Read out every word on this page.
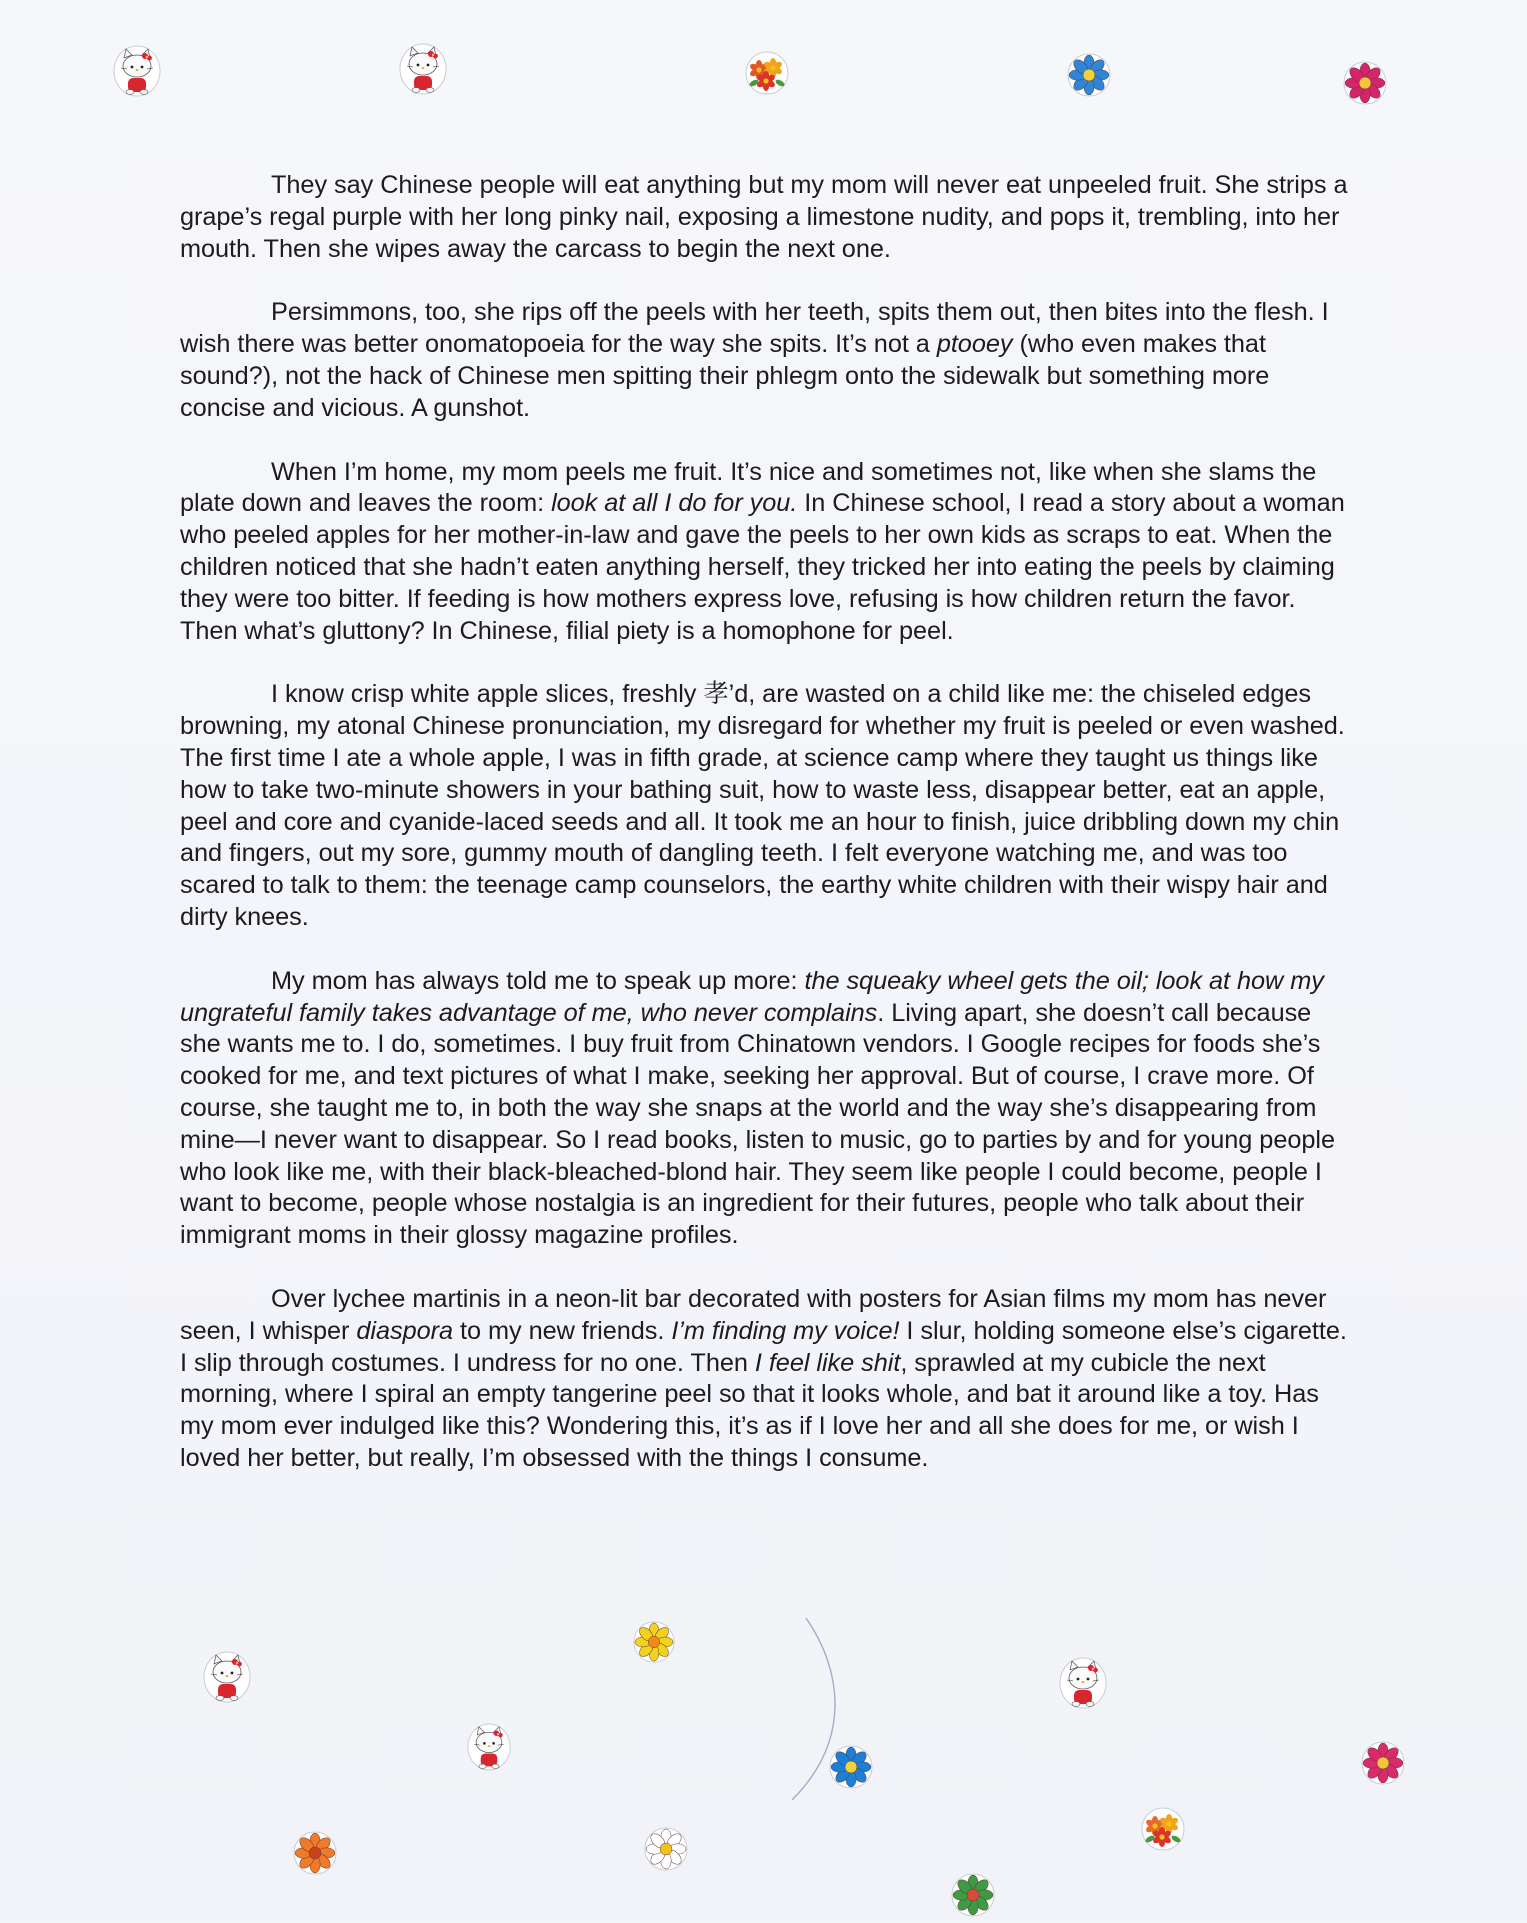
They say Chinese people will eat anything but my mom will never eat unpeeled fruit. She strips a grape’s regal purple with her long pinky nail, exposing a limestone nudity, and pops it, trembling, into her mouth. Then she wipes away the carcass to begin the next one.

Persimmons, too, she rips off the peels with her teeth, spits them out, then bites into the flesh. I wish there was better onomatopoeia for the way she spits. It’s not a ptooey (who even makes that sound?), not the hack of Chinese men spitting their phlegm onto the sidewalk but something more concise and vicious. A gunshot.

When I’m home, my mom peels me fruit. It’s nice and sometimes not, like when she slams the plate down and leaves the room: look at all I do for you. In Chinese school, I read a story about a woman who peeled apples for her mother-in-law and gave the peels to her own kids as scraps to eat. When the children noticed that she hadn’t eaten anything herself, they tricked her into eating the peels by claiming they were too bitter. If feeding is how mothers express love, refusing is how children return the favor. Then what’s gluttony? In Chinese, filial piety is a homophone for peel.

I know crisp white apple slices, freshly 孝’d, are wasted on a child like me: the chiseled edges browning, my atonal Chinese pronunciation, my disregard for whether my fruit is peeled or even washed. The first time I ate a whole apple, I was in fifth grade, at science camp where they taught us things like how to take two-minute showers in your bathing suit, how to waste less, disappear better, eat an apple, peel and core and cyanide-laced seeds and all. It took me an hour to finish, juice dribbling down my chin and fingers, out my sore, gummy mouth of dangling teeth. I felt everyone watching me, and was too scared to talk to them: the teenage camp counselors, the earthy white children with their wispy hair and dirty knees.

My mom has always told me to speak up more: the squeaky wheel gets the oil; look at how my ungrateful family takes advantage of me, who never complains. Living apart, she doesn’t call because she wants me to. I do, sometimes. I buy fruit from Chinatown vendors. I Google recipes for foods she’s cooked for me, and text pictures of what I make, seeking her approval. But of course, I crave more. Of course, she taught me to, in both the way she snaps at the world and the way she’s disappearing from mine—I never want to disappear. So I read books, listen to music, go to parties by and for young people who look like me, with their black-bleached-blond hair. They seem like people I could become, people I want to become, people whose nostalgia is an ingredient for their futures, people who talk about their immigrant moms in their glossy magazine profiles.

Over lychee martinis in a neon-lit bar decorated with posters for Asian films my mom has never seen, I whisper diaspora to my new friends. I’m finding my voice! I slur, holding someone else’s cigarette. I slip through costumes. I undress for no one. Then I feel like shit, sprawled at my cubicle the next morning, where I spiral an empty tangerine peel so that it looks whole, and bat it around like a toy. Has my mom ever indulged like this? Wondering this, it’s as if I love her and all she does for me, or wish I loved her better, but really, I’m obsessed with the things I consume.
